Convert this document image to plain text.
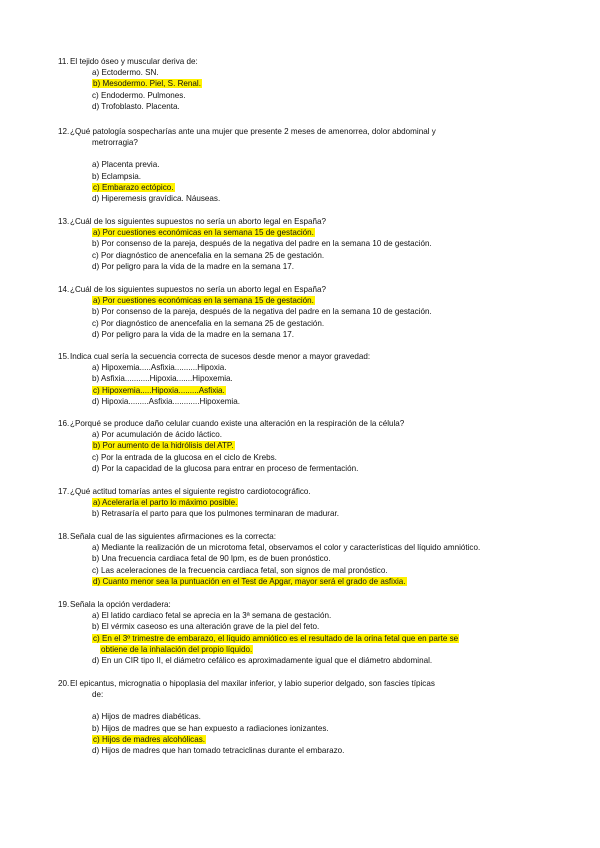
11.El tejido óseo y muscular deriva de:
a) Ectodermo. SN.
b) Mesodermo. Piel, S. Renal.
c) Endodermo. Pulmones.
d) Trofoblasto. Placenta.
12.¿Qué patología sospecharías ante una mujer que presente 2 meses de amenorrea, dolor abdominal y
metrorragia?
a) Placenta previa.
b) Eclampsia.
c) Embarazo ectópico.
d) Hiperemesis gravídica. Náuseas.
13.¿Cuál de los siguientes supuestos no sería un aborto legal en España?
a) Por cuestiones económicas en la semana 15 de gestación.
b) Por consenso de la pareja, después de la negativa del padre en la semana 10 de gestación.
c) Por diagnóstico de anencefalia en la semana 25 de gestación.
d) Por peligro para la vida de la madre en la semana 17.
14.¿Cuál de los siguientes supuestos no sería un aborto legal en España?
a) Por cuestiones económicas en la semana 15 de gestación.
b) Por consenso de la pareja, después de la negativa del padre en la semana 10 de gestación.
c) Por diagnóstico de anencefalia en la semana 25 de gestación.
d) Por peligro para la vida de la madre en la semana 17.
15.Indica cual sería la secuencia correcta de sucesos desde menor a mayor gravedad:
a) Hipoxemia.....Asfixia..........Hipoxia.
b) Asfixia...........Hipoxia.......Hipoxemia.
c) Hipoxemia.....Hipoxia.........Asfixia.
d) Hipoxia.........Asfixia............Hipoxemia.
16.¿Porqué se produce daño celular cuando existe una alteración en la respiración de la célula?
a) Por acumulación de ácido láctico.
b) Por aumento de la hidrólisis del ATP.
c) Por la entrada de la glucosa en el ciclo de Krebs.
d) Por la capacidad de la glucosa para entrar en proceso de fermentación.
17.¿Qué actitud tomarías antes el siguiente registro cardiotocográfico.
a) Aceleraría el parto lo máximo posible.
b) Retrasaría el parto para que los pulmones terminaran de madurar.
18.Señala cual de las siguientes afirmaciones es la correcta:
a) Mediante la realización de un microtoma fetal, observamos el color y características del líquido amniótico.
b) Una frecuencia cardiaca fetal de 90 lpm, es de buen pronóstico.
c) Las aceleraciones de la frecuencia cardiaca fetal, son signos de mal pronóstico.
d) Cuanto menor sea la puntuación en el Test de Apgar, mayor será el grado de asfixia.
19.Señala la opción verdadera:
a) El latido cardiaco fetal se aprecia en la 3ª semana de gestación.
b) El vérmix caseoso es una alteración grave de la piel del feto.
c) En el 3º trimestre de embarazo, el líquido amniótico es el resultado de la orina fetal que en parte se
obtiene de la inhalación del propio líquido.
d) En un CIR tipo II, el diámetro cefálico es aproximadamente igual que el diámetro abdominal.
20.El epicantus, micrognatia o hipoplasia del maxilar inferior, y labio superior delgado, son fascies típicas
de:
a) Hijos de madres diabéticas.
b) Hijos de madres que se han expuesto a radiaciones ionizantes.
c) Hijos de madres alcohólicas.
d) Hijos de madres que han tomado tetraciclinas durante el embarazo.
